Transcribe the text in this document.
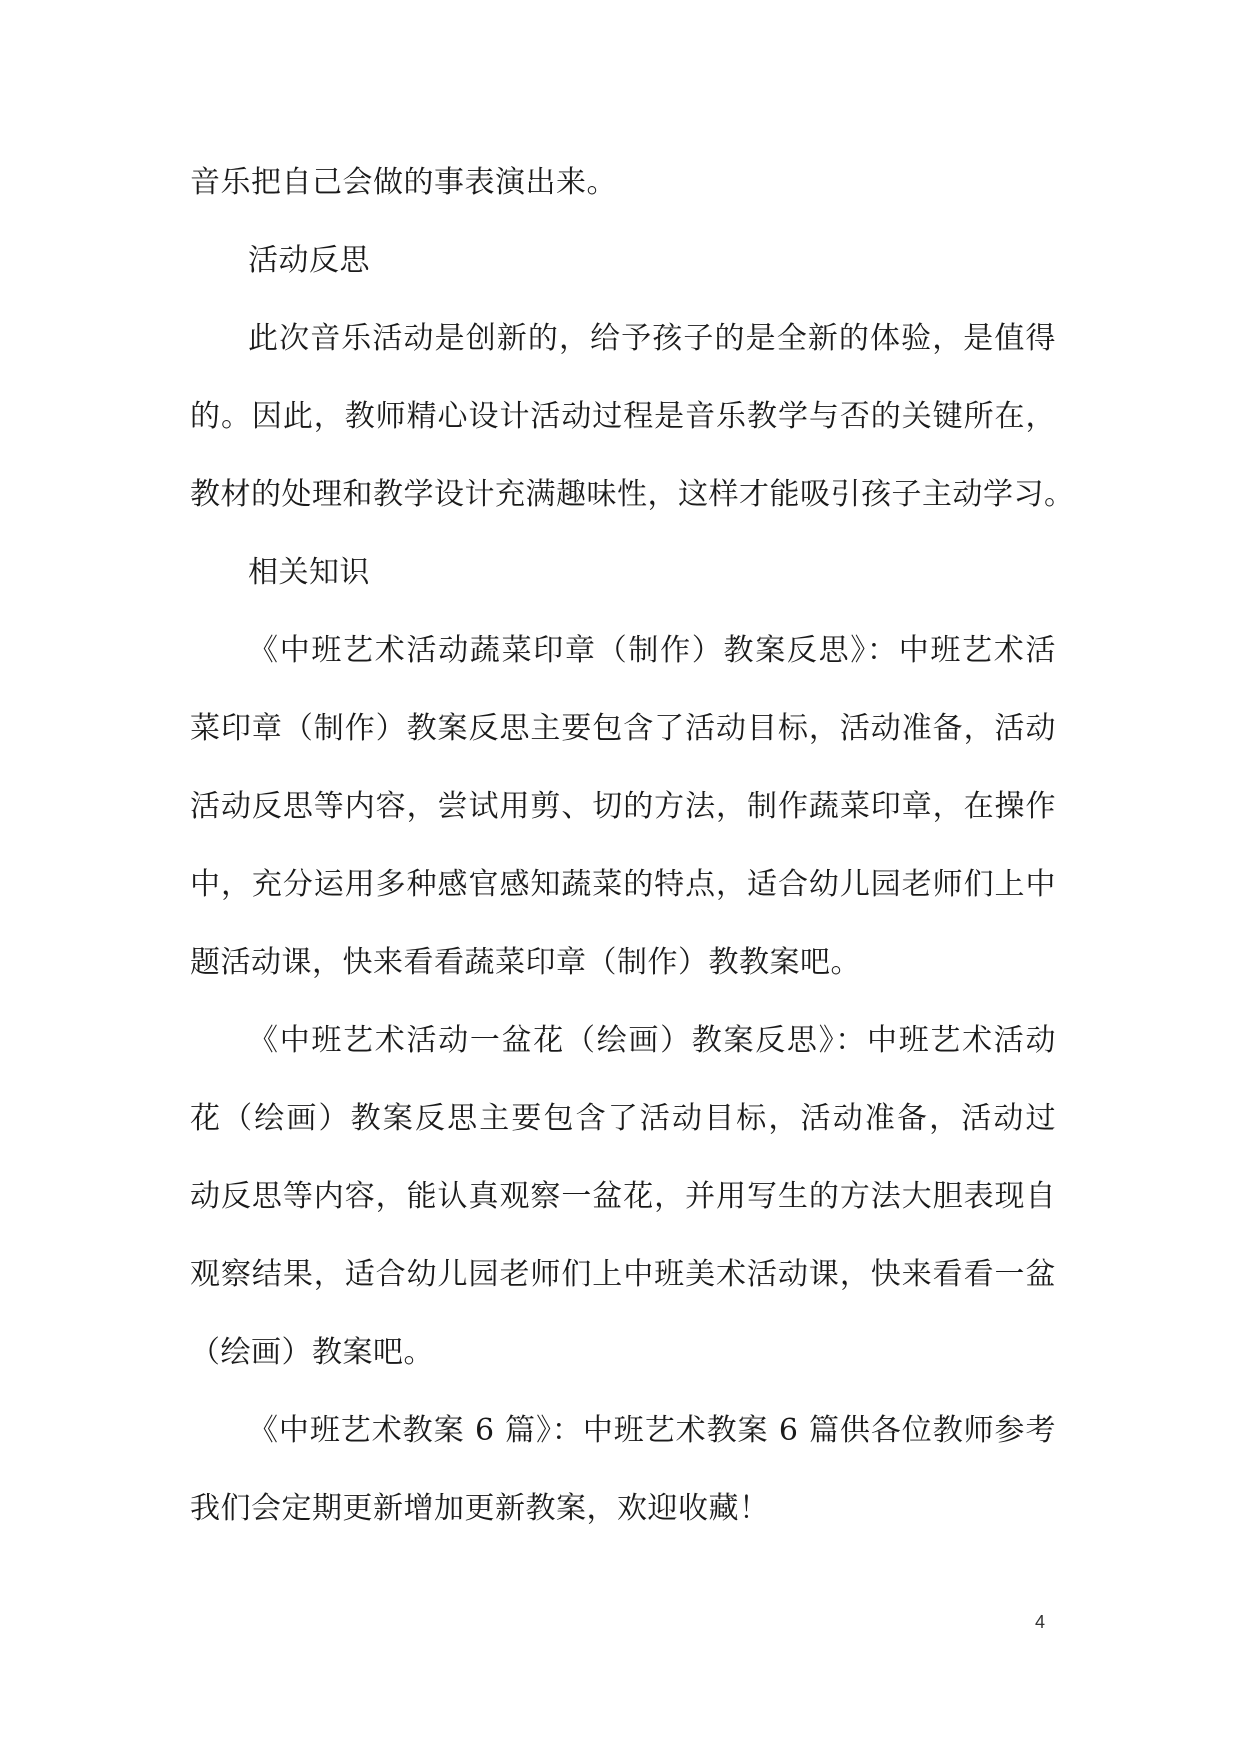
音乐把自己会做的事表演出来。
活动反思
此次音乐活动是创新的，给予孩子的是全新的体验，是值得
的。因此，教师精心设计活动过程是音乐教学与否的关键所在，
教材的处理和教学设计充满趣味性，这样才能吸引孩子主动学习。
相关知识
《中班艺术活动蔬菜印章（制作）教案反思》：中班艺术活
菜印章（制作）教案反思主要包含了活动目标，活动准备，活动
活动反思等内容，尝试用剪、切的方法，制作蔬菜印章，在操作
中，充分运用多种感官感知蔬菜的特点，适合幼儿园老师们上中
题活动课，快来看看蔬菜印章（制作）教教案吧。
《中班艺术活动一盆花（绘画）教案反思》：中班艺术活动
花（绘画）教案反思主要包含了活动目标，活动准备，活动过
动反思等内容，能认真观察一盆花，并用写生的方法大胆表现自
观察结果，适合幼儿园老师们上中班美术活动课，快来看看一盆
（绘画）教案吧。
《中班艺术教案 6 篇》：中班艺术教案 6 篇供各位教师参考
我们会定期更新增加更新教案，欢迎收藏！
4
